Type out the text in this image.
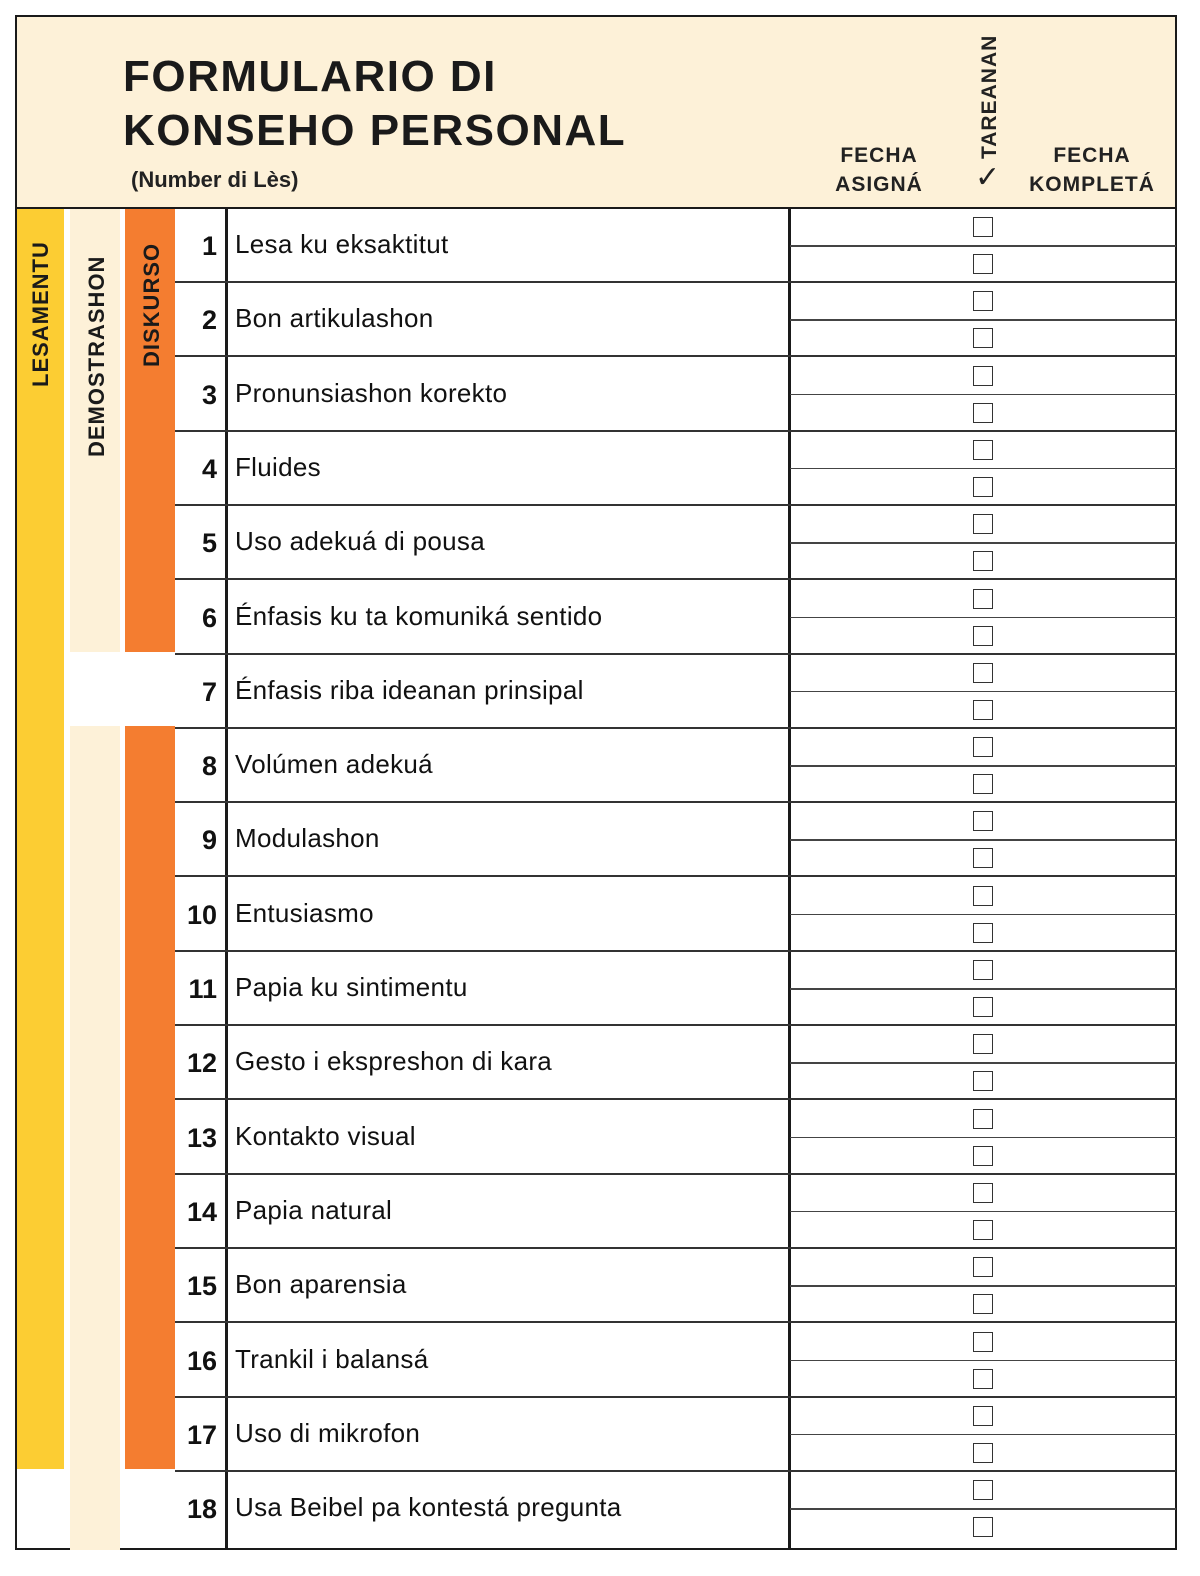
FORMULARIO DI
KONSEHO PERSONAL
(Number di Lès)
FECHA
ASIGNÁ
TAREANAN
✓
FECHA
KOMPLETÁ
LESAMENTU DEMOSTRASHON DISKURSO	1 Lesa ku eksaktitut
2 Bon artikulashon
3 Pronunsiashon korekto
4 Fluides
5 Uso adekuá di pousa
6 Énfasis ku ta komuniká sentido
7 Énfasis riba ideanan prinsipal
8 Volúmen adekuá
9 Modulashon
10 Entusiasmo
11 Papia ku sintimentu
12 Gesto i ekspreshon di kara
13 Kontakto visual
14 Papia natural
15 Bon aparensia
16 Trankil i balansá
17 Uso di mikrofon
18 Usa Beibel pa kontestá pregunta
